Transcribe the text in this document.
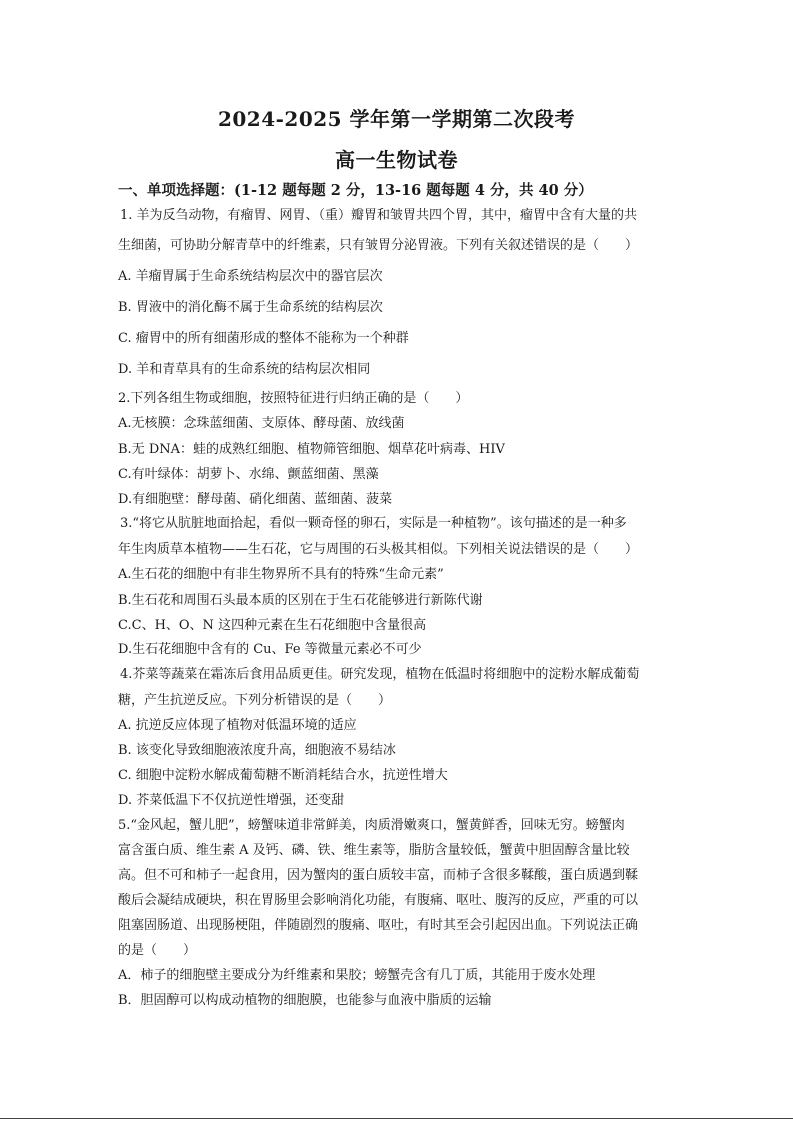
2024-2025 学年第一学期第二次段考
高一生物试卷
一、单项选择题：(1-12 题每题 2 分，13-16 题每题 4 分，共 40 分）
1. 羊为反刍动物，有瘤胃、网胃、（重）瓣胃和皱胃共四个胃，其中，瘤胃中含有大量的共
生细菌，可协助分解青草中的纤维素，只有皱胃分泌胃液。下列有关叙述错误的是（　　）
A. 羊瘤胃属于生命系统结构层次中的器官层次
B. 胃液中的消化酶不属于生命系统的结构层次
C. 瘤胃中的所有细菌形成的整体不能称为一个种群
D. 羊和青草具有的生命系统的结构层次相同
2.下列各组生物或细胞，按照特征进行归纳正确的是（　　）
A.无核膜：念珠蓝细菌、支原体、酵母菌、放线菌
B.无 DNA：蛙的成熟红细胞、植物筛管细胞、烟草花叶病毒、HIV
C.有叶绿体：胡萝卜、水绵、颤蓝细菌、黑藻
D.有细胞壁：酵母菌、硝化细菌、蓝细菌、菠菜
3.“将它从肮脏地面拾起，看似一颗奇怪的卵石，实际是一种植物”。该句描述的是一种多
年生肉质草本植物——生石花，它与周围的石头极其相似。下列相关说法错误的是（　　）
A.生石花的细胞中有非生物界所不具有的特殊“生命元素”
B.生石花和周围石头最本质的区别在于生石花能够进行新陈代谢
C.C、H、O、N 这四种元素在生石花细胞中含量很高
D.生石花细胞中含有的 Cu、Fe 等微量元素必不可少
4.芥菜等蔬菜在霜冻后食用品质更佳。研究发现，植物在低温时将细胞中的淀粉水解成葡萄
糖，产生抗逆反应。下列分析错误的是（　　）
A. 抗逆反应体现了植物对低温环境的适应
B. 该变化导致细胞液浓度升高，细胞液不易结冰
C. 细胞中淀粉水解成葡萄糖不断消耗结合水，抗逆性增大
D. 芥菜低温下不仅抗逆性增强，还变甜
5.“金风起，蟹儿肥”，螃蟹味道非常鲜美，肉质滑嫩爽口，蟹黄鲜香，回味无穷。螃蟹肉
富含蛋白质、维生素 A 及钙、磷、铁、维生素等，脂肪含量较低，蟹黄中胆固醇含量比较
高。但不可和柿子一起食用，因为蟹肉的蛋白质较丰富，而柿子含很多鞣酸，蛋白质遇到鞣
酸后会凝结成硬块，积在胃肠里会影响消化功能，有腹痛、呕吐、腹泻的反应，严重的可以
阻塞固肠道、出现肠梗阻，伴随剧烈的腹痛、呕吐，有时其至会引起因出血。下列说法正确
的是（　　）
A．柿子的细胞壁主要成分为纤维素和果胶；螃蟹壳含有几丁质，其能用于废水处理
B．胆固醇可以构成动植物的细胞膜，也能参与血液中脂质的运输
